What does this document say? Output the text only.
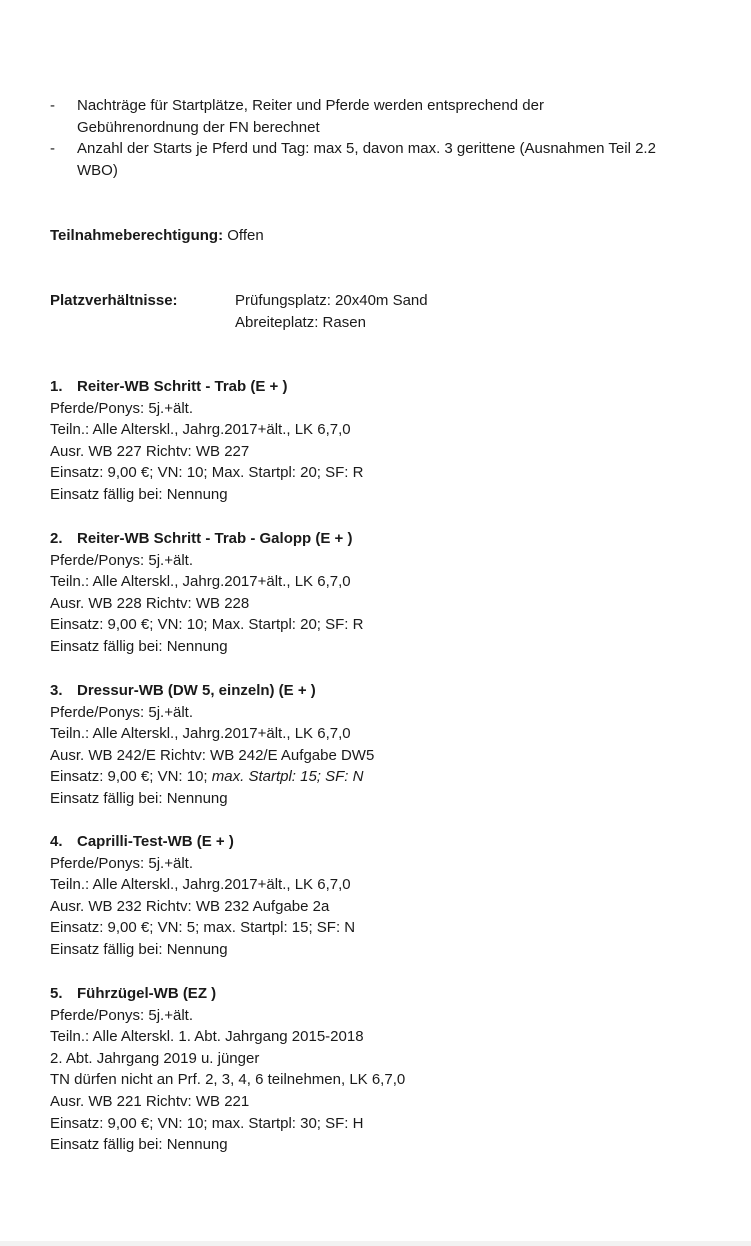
-	Nachträge für Startplätze, Reiter und Pferde werden entsprechend der
Gebührenordnung der FN berechnet
-	Anzahl der Starts je Pferd und Tag: max 5, davon max. 3 gerittene (Ausnahmen Teil 2.2
WBO)
Teilnahmeberechtigung: Offen
Platzverhältnisse:	Prüfungsplatz: 20x40m Sand
Abreiteplatz: Rasen
1. Reiter-WB Schritt - Trab (E + )
Pferde/Ponys: 5j.+ält.
Teiln.: Alle Alterskl., Jahrg.2017+ält., LK 6,7,0
Ausr. WB 227 Richtv: WB 227
Einsatz: 9,00 €; VN: 10; Max. Startpl: 20; SF: R
Einsatz fällig bei: Nennung
2. Reiter-WB Schritt - Trab - Galopp (E + )
Pferde/Ponys: 5j.+ält.
Teiln.: Alle Alterskl., Jahrg.2017+ält., LK 6,7,0
Ausr. WB 228 Richtv: WB 228
Einsatz: 9,00 €; VN: 10; Max. Startpl: 20; SF: R
Einsatz fällig bei: Nennung
3. Dressur-WB (DW 5, einzeln) (E + )
Pferde/Ponys: 5j.+ält.
Teiln.: Alle Alterskl., Jahrg.2017+ält., LK 6,7,0
Ausr. WB 242/E Richtv: WB 242/E Aufgabe DW5
Einsatz: 9,00 €; VN: 10; max. Startpl: 15; SF: N
Einsatz fällig bei: Nennung
4. Caprilli-Test-WB (E + )
Pferde/Ponys: 5j.+ält.
Teiln.: Alle Alterskl., Jahrg.2017+ält., LK 6,7,0
Ausr. WB 232 Richtv: WB 232 Aufgabe 2a
Einsatz: 9,00 €; VN: 5; max. Startpl: 15; SF: N
Einsatz fällig bei: Nennung
5. Führzügel-WB (EZ )
Pferde/Ponys: 5j.+ält.
Teiln.: Alle Alterskl. 1. Abt. Jahrgang 2015-2018
2. Abt. Jahrgang 2019 u. jünger
TN dürfen nicht an Prf. 2, 3, 4, 6 teilnehmen, LK 6,7,0
Ausr. WB 221 Richtv: WB 221
Einsatz: 9,00 €; VN: 10; max. Startpl: 30; SF: H
Einsatz fällig bei: Nennung
